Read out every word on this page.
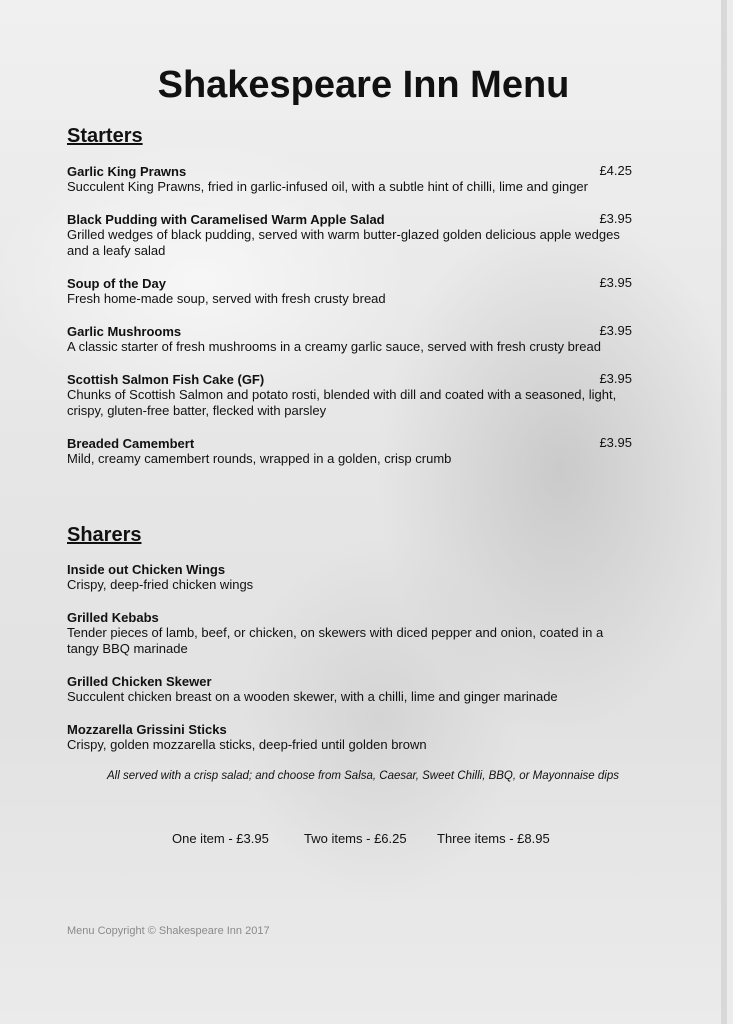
Shakespeare Inn Menu
Starters
Garlic King Prawns	£4.25
Succulent King Prawns, fried in garlic-infused oil, with a subtle hint of chilli, lime and ginger
Black Pudding with Caramelised Warm Apple Salad	£3.95
Grilled wedges of black pudding, served with warm butter-glazed golden delicious apple wedges and a leafy salad
Soup of the Day	£3.95
Fresh home-made soup, served with fresh crusty bread
Garlic Mushrooms	£3.95
A classic starter of fresh mushrooms in a creamy garlic sauce, served with fresh crusty bread
Scottish Salmon Fish Cake (GF)	£3.95
Chunks of Scottish Salmon and potato rosti, blended with dill and coated with a seasoned, light, crispy, gluten-free batter, flecked with parsley
Breaded Camembert	£3.95
Mild, creamy camembert rounds, wrapped in a golden, crisp crumb
Sharers
Inside out Chicken Wings
Crispy, deep-fried chicken wings
Grilled Kebabs
Tender pieces of lamb, beef, or chicken, on skewers with diced pepper and onion, coated in a tangy BBQ marinade
Grilled Chicken Skewer
Succulent chicken breast on a wooden skewer, with a chilli, lime and ginger marinade
Mozzarella Grissini Sticks
Crispy, golden mozzarella sticks, deep-fried until golden brown
All served with a crisp salad; and choose from Salsa, Caesar, Sweet Chilli, BBQ, or Mayonnaise dips
One item - £3.95	Two items - £6.25 Three items - £8.95
Menu Copyright © Shakespeare Inn 2017
